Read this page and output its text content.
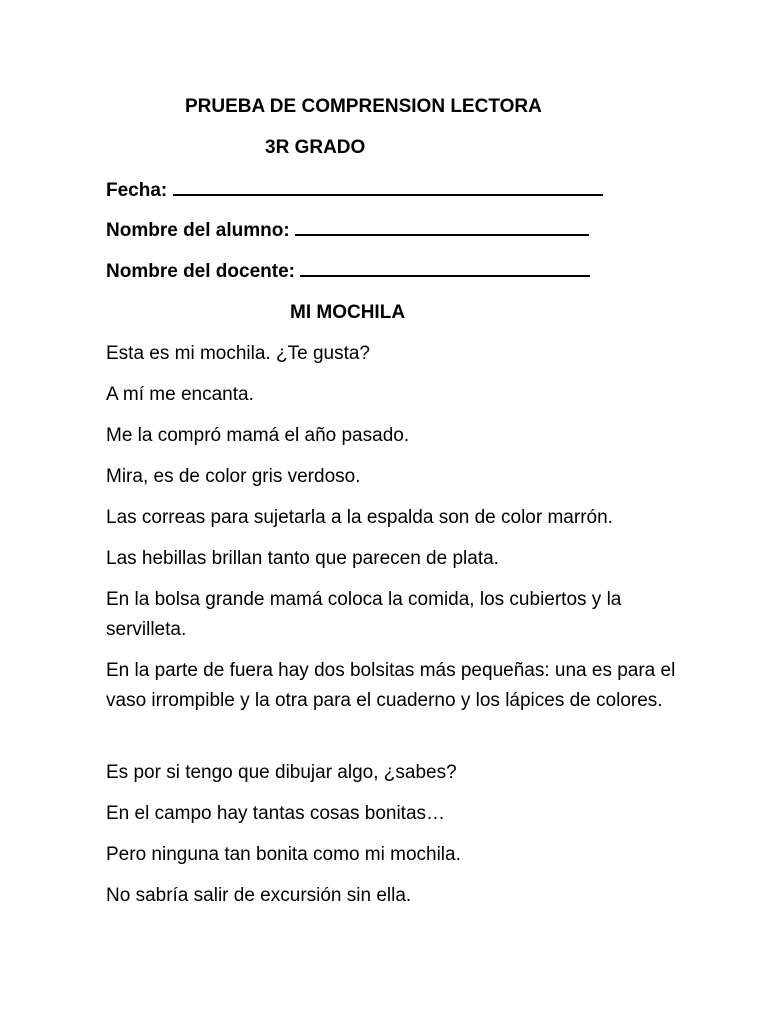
PRUEBA DE COMPRENSION LECTORA
3R GRADO
Fecha:
Nombre del alumno:
Nombre del docente:
MI MOCHILA
Esta es mi mochila. ¿Te gusta?
A mí me encanta.
Me la compró mamá el año pasado.
Mira, es de color gris verdoso.
Las correas para sujetarla a la espalda son de color marrón.
Las hebillas brillan tanto que parecen de plata.
En la bolsa grande mamá coloca la comida, los cubiertos y la servilleta.
En la parte de fuera hay dos bolsitas más pequeñas: una es para el vaso irrompible y la otra para el cuaderno y los lápices de colores.
Es por si tengo que dibujar algo, ¿sabes?
En el campo hay tantas cosas bonitas…
Pero ninguna tan bonita como mi mochila.
No sabría salir de excursión sin ella.
